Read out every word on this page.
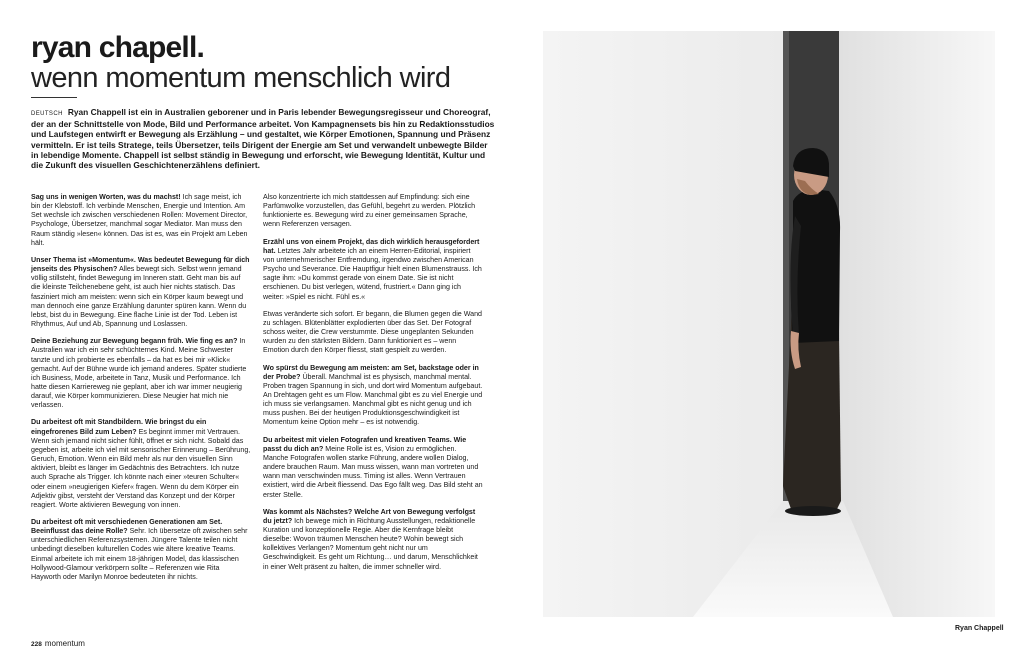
ryan chapell.
wenn momentum menschlich wird
DEUTSCH Ryan Chappell ist ein in Australien geborener und in Paris lebender Bewegungsregisseur und Choreograf, der an der Schnittstelle von Mode, Bild und Performance arbeitet. Von Kampagnensets bis hin zu Redaktionsstudios und Laufstegen entwirft er Bewegung als Erzählung – und gestaltet, wie Körper Emotionen, Spannung und Präsenz vermitteln. Er ist teils Stratege, teils Übersetzer, teils Dirigent der Energie am Set und verwandelt unbewegte Bilder in lebendige Momente. Chappell ist selbst ständig in Bewegung und erforscht, wie Bewegung Identität, Kultur und die Zukunft des visuellen Geschichtenerzählens definiert.

Sag uns in wenigen Worten, was du machst! Ich sage meist, ich bin der Klebstoff. Ich verbinde Menschen, Energie und Intention. Am Set wechsle ich zwischen verschiedenen Rollen: Movement Director, Psychologe, Übersetzer, manchmal sogar Mediator. Man muss den Raum ständig »lesen« können. Das ist es, was ein Projekt am Leben hält.

Unser Thema ist »Momentum«. Was bedeutet Bewegung für dich jenseits des Physischen? Alles bewegt sich. Selbst wenn jemand völlig stillsteht, findet Bewegung im Inneren statt. Geht man bis auf die kleinste Teilchenebene geht, ist auch hier nichts statisch. Das fasziniert mich am meisten: wenn sich ein Körper kaum bewegt und man dennoch eine ganze Erzählung darunter spüren kann. Wenn du lebst, bist du in Bewegung. Eine flache Linie ist der Tod. Leben ist Rhythmus, Auf und Ab, Spannung und Loslassen.

Deine Beziehung zur Bewegung begann früh. Wie fing es an? In Australien war ich ein sehr schüchternes Kind. Meine Schwester tanzte und ich probierte es ebenfalls – da hat es bei mir »Klick« gemacht. Auf der Bühne wurde ich jemand anderes. Später studierte ich Business, Mode, arbeitete in Tanz, Musik und Performance. Ich hatte diesen Karriereweg nie geplant, aber ich war immer neugierig darauf, wie Körper kommunizieren. Diese Neugier hat mich nie verlassen.

Du arbeitest oft mit Standbildern. Wie bringst du ein eingefrorenes Bild zum Leben? Es beginnt immer mit Vertrauen. Wenn sich jemand nicht sicher fühlt, öffnet er sich nicht. Sobald das gegeben ist, arbeite ich viel mit sensorischer Erinnerung – Berührung, Geruch, Emotion. Wenn ein Bild mehr als nur den visuellen Sinn aktiviert, bleibt es länger im Gedächtnis des Betrachters. Ich nutze auch Sprache als Trigger. Ich könnte nach einer »teuren Schulter« oder einem »neugierigen Kiefer« fragen. Wenn du dem Körper ein Adjektiv gibst, versteht der Verstand das Konzept und der Körper reagiert. Worte aktivieren Bewegung von innen.

Du arbeitest oft mit verschiedenen Generationen am Set. Beeinflusst das deine Rolle? Sehr. Ich übersetze oft zwischen sehr unterschiedlichen Referenzsystemen. Jüngere Talente teilen nicht unbedingt dieselben kulturellen Codes wie ältere kreative Teams. Einmal arbeitete ich mit einem 18-jährigen Model, das klassischen Hollywood-Glamour verkörpern sollte – Referenzen wie Rita Hayworth oder Marilyn Monroe bedeuteten ihr nichts.

Also konzentrierte ich mich stattdessen auf Empfindung: sich eine Parfümwolke vorzustellen, das Gefühl, begehrt zu werden. Plötzlich funktionierte es. Bewegung wird zu einer gemeinsamen Sprache, wenn Referenzen versagen.

Erzähl uns von einem Projekt, das dich wirklich herausgefordert hat. Letztes Jahr arbeitete ich an einem Herren-Editorial, inspiriert von unternehmerischer Entfremdung, irgendwo zwischen American Psycho und Severance. Die Hauptfigur hielt einen Blumenstrauss. Ich sagte ihm: »Du kommst gerade von einem Date. Sie ist nicht erschienen. Du bist verlegen, wütend, frustriert.« Dann ging ich weiter: »Spiel es nicht. Fühl es.«

Etwas veränderte sich sofort. Er begann, die Blumen gegen die Wand zu schlagen. Blütenblätter explodierten über das Set. Der Fotograf schoss weiter, die Crew verstummte. Diese ungeplanten Sekunden wurden zu den stärksten Bildern. Dann funktioniert es – wenn Emotion durch den Körper fliesst, statt gespielt zu werden.

Wo spürst du Bewegung am meisten: am Set, backstage oder in der Probe? Überall. Manchmal ist es physisch, manchmal mental. Proben tragen Spannung in sich, und dort wird Momentum aufgebaut. An Drehtagen geht es um Flow. Manchmal gibt es zu viel Energie und ich muss sie verlangsamen. Manchmal gibt es nicht genug und ich muss pushen. Bei der heutigen Produktionsgeschwindigkeit ist Momentum keine Option mehr – es ist notwendig.

Du arbeitest mit vielen Fotografen und kreativen Teams. Wie passt du dich an? Meine Rolle ist es, Vision zu ermöglichen. Manche Fotografen wollen starke Führung, andere wollen Dialog, andere brauchen Raum. Man muss wissen, wann man vortreten und wann man verschwinden muss. Timing ist alles. Wenn Vertrauen existiert, wird die Arbeit fliessend. Das Ego fällt weg. Das Bild steht an erster Stelle.

Was kommt als Nächstes? Welche Art von Bewegung verfolgst du jetzt? Ich bewege mich in Richtung Ausstellungen, redaktionelle Kuration und konzeptionelle Regie. Aber die Kernfrage bleibt dieselbe: Wovon träumen Menschen heute? Wohin bewegt sich kollektives Verlangen? Momentum geht nicht nur um Geschwindigkeit. Es geht um Richtung… und darum, Menschlichkeit in einer Welt präsent zu halten, die immer schneller wird.

228 momentum
Ryan Chappell
